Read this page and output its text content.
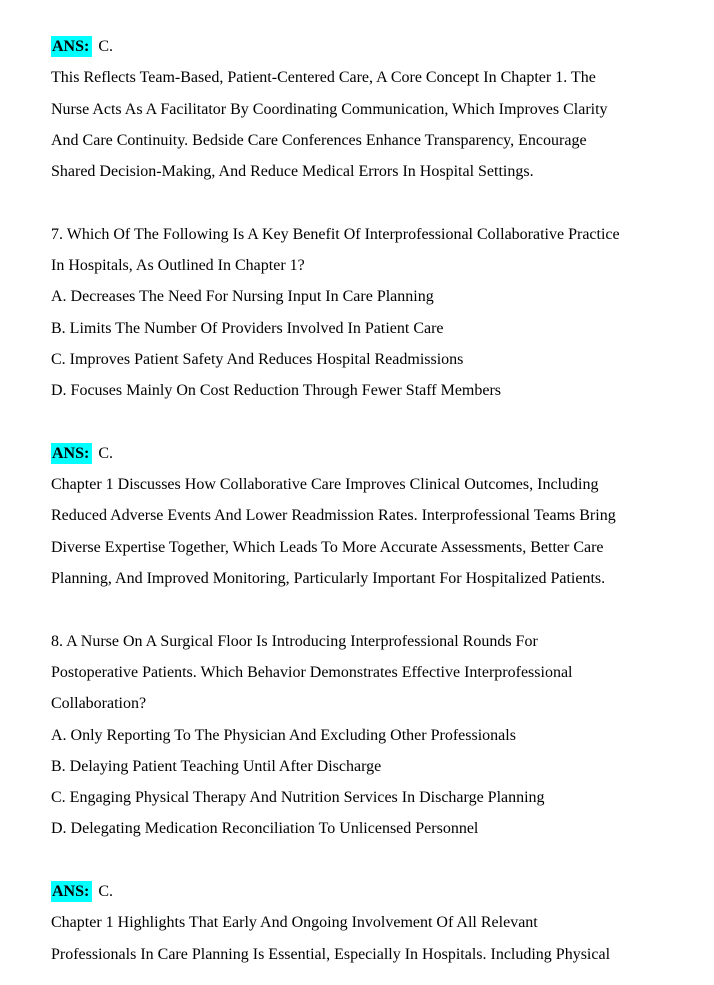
ANS: C.
This Reflects Team-Based, Patient-Centered Care, A Core Concept In Chapter 1. The
Nurse Acts As A Facilitator By Coordinating Communication, Which Improves Clarity
And Care Continuity. Bedside Care Conferences Enhance Transparency, Encourage
Shared Decision-Making, And Reduce Medical Errors In Hospital Settings.
7. Which Of The Following Is A Key Benefit Of Interprofessional Collaborative Practice
In Hospitals, As Outlined In Chapter 1?
A. Decreases The Need For Nursing Input In Care Planning
B. Limits The Number Of Providers Involved In Patient Care
C. Improves Patient Safety And Reduces Hospital Readmissions
D. Focuses Mainly On Cost Reduction Through Fewer Staff Members
ANS: C.
Chapter 1 Discusses How Collaborative Care Improves Clinical Outcomes, Including
Reduced Adverse Events And Lower Readmission Rates. Interprofessional Teams Bring
Diverse Expertise Together, Which Leads To More Accurate Assessments, Better Care
Planning, And Improved Monitoring, Particularly Important For Hospitalized Patients.
8. A Nurse On A Surgical Floor Is Introducing Interprofessional Rounds For
Postoperative Patients. Which Behavior Demonstrates Effective Interprofessional
Collaboration?
A. Only Reporting To The Physician And Excluding Other Professionals
B. Delaying Patient Teaching Until After Discharge
C. Engaging Physical Therapy And Nutrition Services In Discharge Planning
D. Delegating Medication Reconciliation To Unlicensed Personnel
ANS: C.
Chapter 1 Highlights That Early And Ongoing Involvement Of All Relevant
Professionals In Care Planning Is Essential, Especially In Hospitals. Including Physical
